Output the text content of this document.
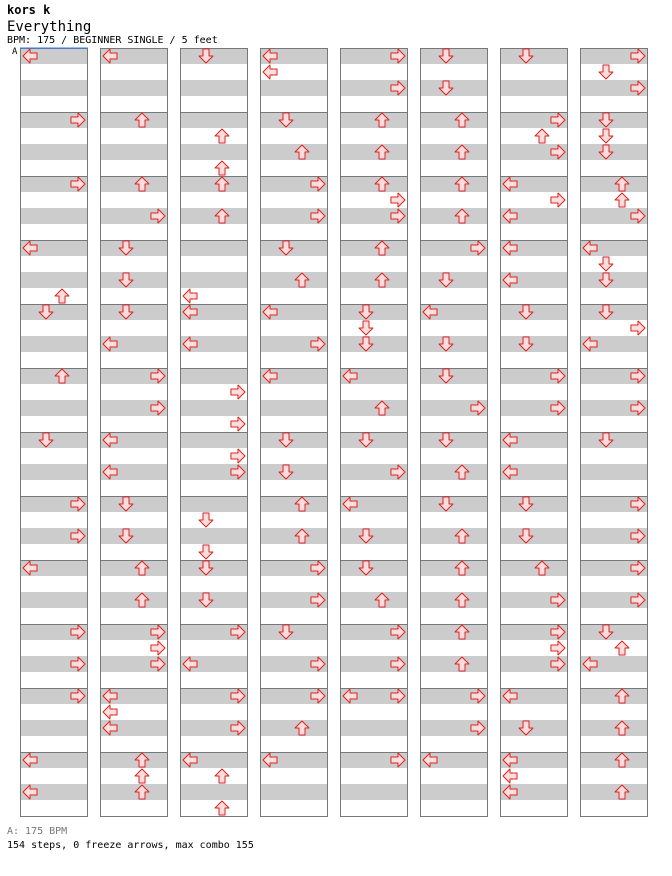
kors k
Everything
BPM: 175 / BEGINNER SINGLE / 5 feet
A
A: 175 BPM
154 steps, 0 freeze arrows, max combo 155
